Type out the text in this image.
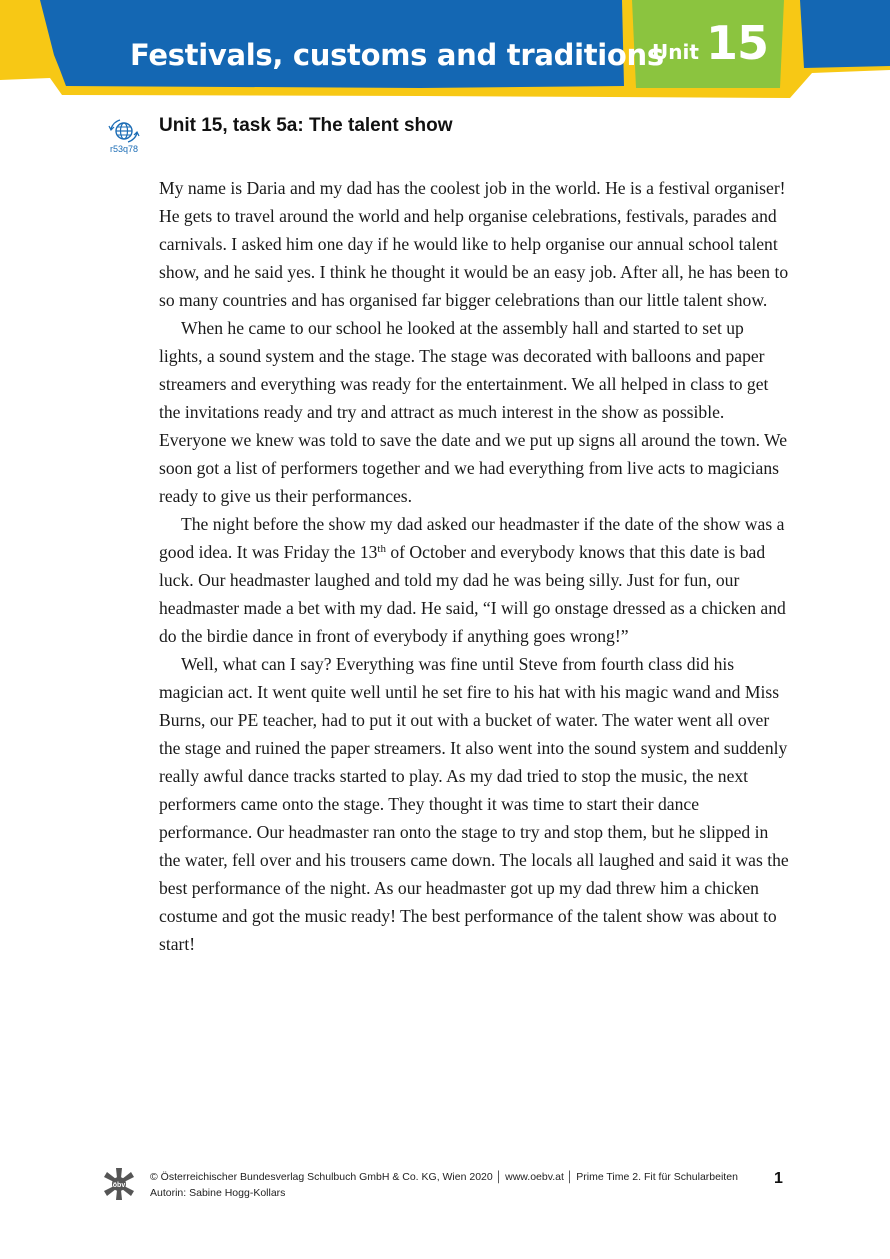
Festivals, customs and traditions
Unit 15
r53q78
Unit 15, task 5a: The talent show

My name is Daria and my dad has the coolest job in the world. He is a festival organiser! He gets to travel around the world and help organise celebrations, festivals, parades and carnivals. I asked him one day if he would like to help organise our annual school talent show, and he said yes. I think he thought it would be an easy job. After all, he has been to so many countries and has organised far bigger celebrations than our little talent show.

When he came to our school he looked at the assembly hall and started to set up lights, a sound system and the stage. The stage was decorated with balloons and paper streamers and everything was ready for the entertainment. We all helped in class to get the invitations ready and try and attract as much interest in the show as possible. Everyone we knew was told to save the date and we put up signs all around the town. We soon got a list of performers together and we had everything from live acts to magicians ready to give us their performances.

The night before the show my dad asked our headmaster if the date of the show was a good idea. It was Friday the 13th of October and everybody knows that this date is bad luck. Our headmaster laughed and told my dad he was being silly. Just for fun, our headmaster made a bet with my dad. He said, “I will go onstage dressed as a chicken and do the birdie dance in front of everybody if anything goes wrong!”

Well, what can I say? Everything was fine until Steve from fourth class did his magician act. It went quite well until he set fire to his hat with his magic wand and Miss Burns, our PE teacher, had to put it out with a bucket of water. The water went all over the stage and ruined the paper streamers. It also went into the sound system and suddenly really awful dance tracks started to play. As my dad tried to stop the music, the next performers came onto the stage. They thought it was time to start their dance performance. Our headmaster ran onto the stage to try and stop them, but he slipped in the water, fell over and his trousers came down. The locals all laughed and said it was the best performance of the night. As our headmaster got up my dad threw him a chicken costume and got the music ready! The best performance of the talent show was about to start!

öbv
© Österreichischer Bundesverlag Schulbuch GmbH & Co. KG, Wien 2020 │ www.oebv.at │ Prime Time 2. Fit für Schularbeiten
Autorin: Sabine Hogg-Kollars
1
